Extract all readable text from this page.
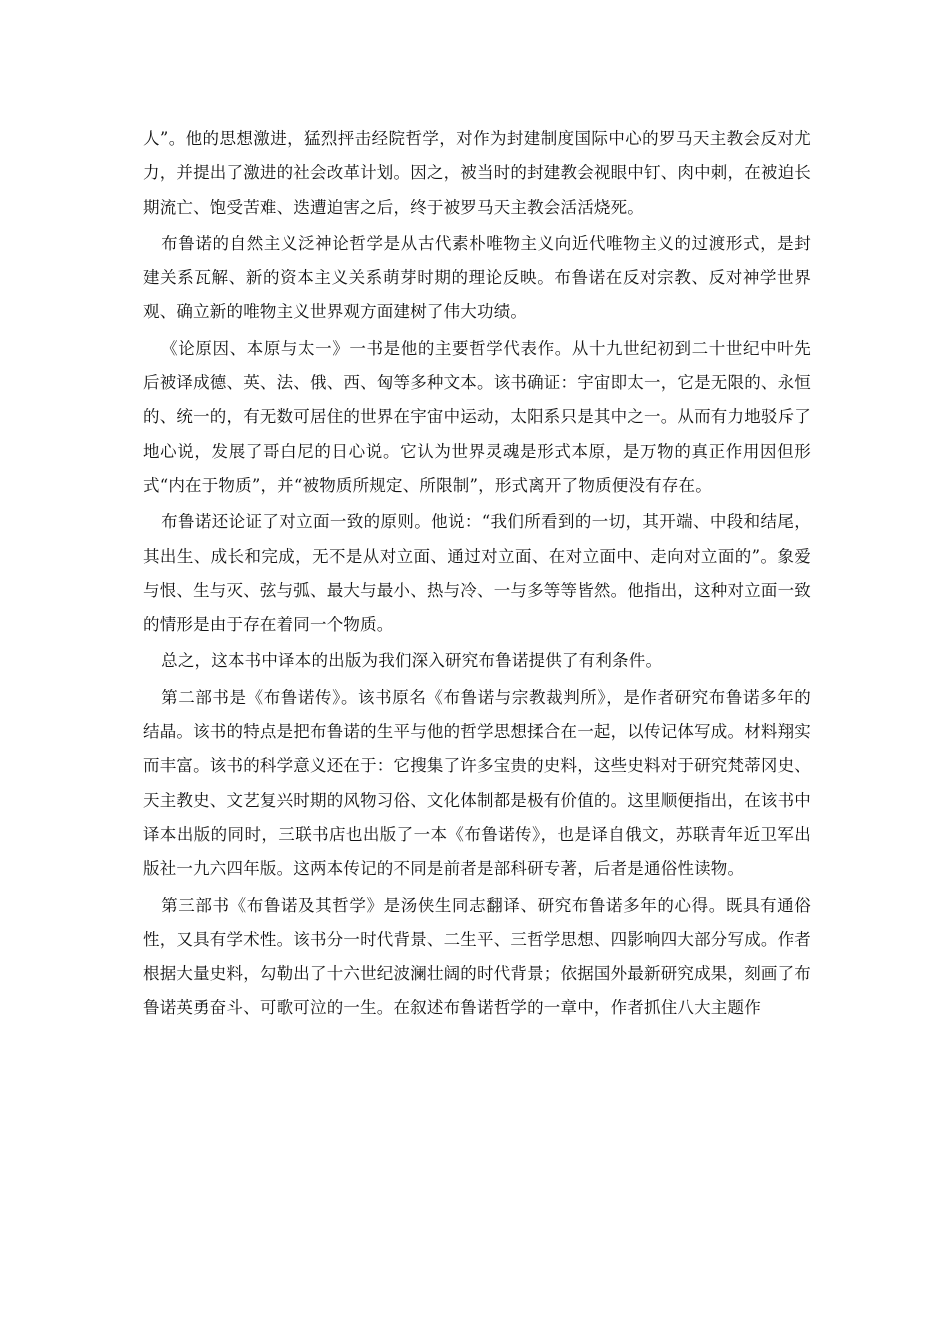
人”。他的思想激进，猛烈抨击经院哲学，对作为封建制度国际中心的罗马天主教会反对尤力，并提出了激进的社会改革计划。因之，被当时的封建教会视眼中钉、肉中刺，在被迫长期流亡、饱受苦难、迭遭迫害之后，终于被罗马天主教会活活烧死。

布鲁诺的自然主义泛神论哲学是从古代素朴唯物主义向近代唯物主义的过渡形式，是封建关系瓦解、新的资本主义关系萌芽时期的理论反映。布鲁诺在反对宗教、反对神学世界观、确立新的唯物主义世界观方面建树了伟大功绩。

《论原因、本原与太一》一书是他的主要哲学代表作。从十九世纪初到二十世纪中叶先后被译成德、英、法、俄、西、匈等多种文本。该书确证：宇宙即太一，它是无限的、永恒的、统一的，有无数可居住的世界在宇宙中运动，太阳系只是其中之一。从而有力地驳斥了地心说，发展了哥白尼的日心说。它认为世界灵魂是形式本原，是万物的真正作用因但形式“内在于物质”，并“被物质所规定、所限制”，形式离开了物质便没有存在。

布鲁诺还论证了对立面一致的原则。他说：“我们所看到的一切，其开端、中段和结尾，其出生、成长和完成，无不是从对立面、通过对立面、在对立面中、走向对立面的”。象爱与恨、生与灭、弦与弧、最大与最小、热与冷、一与多等等皆然。他指出，这种对立面一致的情形是由于存在着同一个物质。

总之，这本书中译本的出版为我们深入研究布鲁诺提供了有利条件。

第二部书是《布鲁诺传》。该书原名《布鲁诺与宗教裁判所》，是作者研究布鲁诺多年的结晶。该书的特点是把布鲁诺的生平与他的哲学思想揉合在一起，以传记体写成。材料翔实而丰富。该书的科学意义还在于：它搜集了许多宝贵的史料，这些史料对于研究梵蒂冈史、天主教史、文艺复兴时期的风物习俗、文化体制都是极有价值的。这里顺便指出，在该书中译本出版的同时，三联书店也出版了一本《布鲁诺传》，也是译自俄文，苏联青年近卫军出版社一九六四年版。这两本传记的不同是前者是部科研专著，后者是通俗性读物。

第三部书《布鲁诺及其哲学》是汤侠生同志翻译、研究布鲁诺多年的心得。既具有通俗性，又具有学术性。该书分一时代背景、二生平、三哲学思想、四影响四大部分写成。作者根据大量史料，勾勒出了十六世纪波澜壮阔的时代背景；依据国外最新研究成果，刻画了布鲁诺英勇奋斗、可歌可泣的一生。在叙述布鲁诺哲学的一章中，作者抓住八大主题作
